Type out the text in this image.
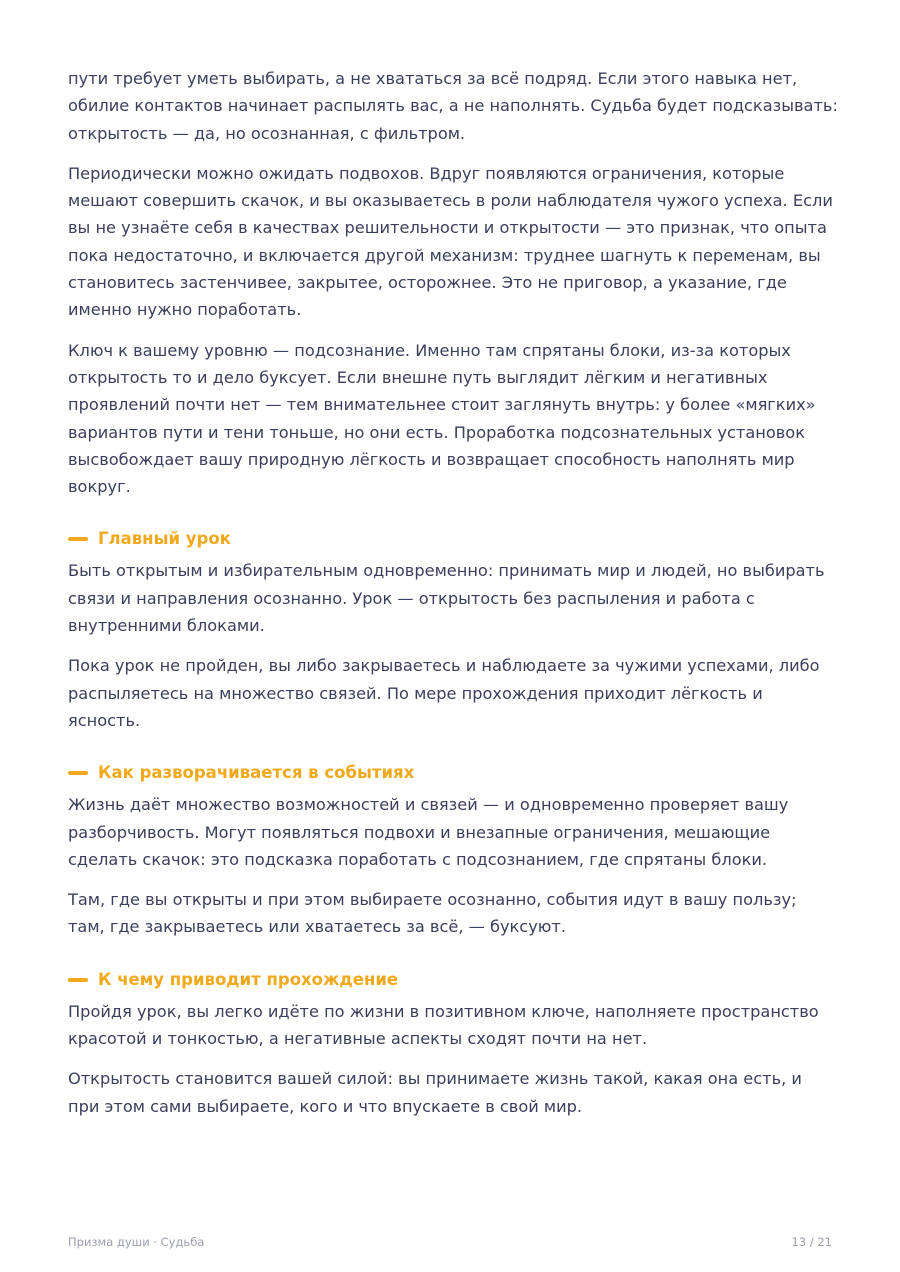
пути требует уметь выбирать, а не хвататься за всё подряд. Если этого навыка нет, обилие контактов начинает распылять вас, а не наполнять. Судьба будет подсказывать: открытость — да, но осознанная, с фильтром.

Периодически можно ожидать подвохов. Вдруг появляются ограничения, которые мешают совершить скачок, и вы оказываетесь в роли наблюдателя чужого успеха. Если вы не узнаёте себя в качествах решительности и открытости — это признак, что опыта пока недостаточно, и включается другой механизм: труднее шагнуть к переменам, вы становитесь застенчивее, закрытее, осторожнее. Это не приговор, а указание, где именно нужно поработать.

Ключ к вашему уровню — подсознание. Именно там спрятаны блоки, из-за которых открытость то и дело буксует. Если внешне путь выглядит лёгким и негативных проявлений почти нет — тем внимательнее стоит заглянуть внутрь: у более «мягких» вариантов пути и тени тоньше, но они есть. Проработка подсознательных установок высвобождает вашу природную лёгкость и возвращает способность наполнять мир вокруг.

Главный урок

Быть открытым и избирательным одновременно: принимать мир и людей, но выбирать связи и направления осознанно. Урок — открытость без распыления и работа с внутренними блоками.

Пока урок не пройден, вы либо закрываетесь и наблюдаете за чужими успехами, либо распыляетесь на множество связей. По мере прохождения приходит лёгкость и ясность.

Как разворачивается в событиях

Жизнь даёт множество возможностей и связей — и одновременно проверяет вашу разборчивость. Могут появляться подвохи и внезапные ограничения, мешающие сделать скачок: это подсказка поработать с подсознанием, где спрятаны блоки.

Там, где вы открыты и при этом выбираете осознанно, события идут в вашу пользу; там, где закрываетесь или хватаетесь за всё, — буксуют.

К чему приводит прохождение

Пройдя урок, вы легко идёте по жизни в позитивном ключе, наполняете пространство красотой и тонкостью, а негативные аспекты сходят почти на нет.

Открытость становится вашей силой: вы принимаете жизнь такой, какая она есть, и при этом сами выбираете, кого и что впускаете в свой мир.

Призма души · Судьба	13 / 21
